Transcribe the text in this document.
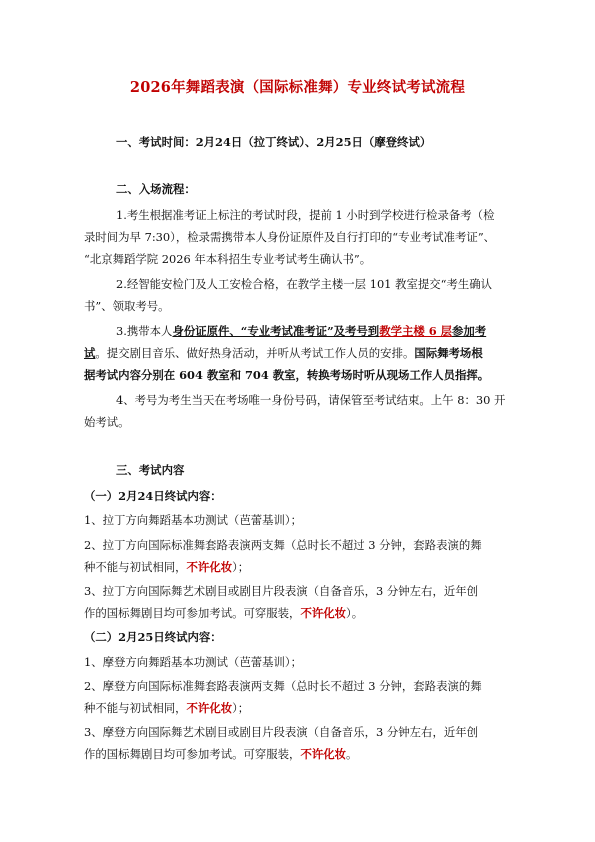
2026年舞蹈表演（国际标准舞）专业终试考试流程

一、考试时间：2月24日（拉丁终试）、2月25日（摩登终试）

二、入场流程：

1.考生根据准考证上标注的考试时段，提前 1 小时到学校进行检录备考（检

录时间为早 7:30），检录需携带本人身份证原件及自行打印的“专业考试准考证”、

“北京舞蹈学院 2026 年本科招生专业考试考生确认书”。

2.经智能安检门及人工安检合格，在教学主楼一层 101 教室提交“考生确认

书”、领取考号。

3.携带本人身份证原件、“专业考试准考证”及考号到教学主楼 6 层参加考

试。提交剧目音乐、做好热身活动，并听从考试工作人员的安排。国际舞考场根

据考试内容分别在 604 教室和 704 教室，转换考场时听从现场工作人员指挥。

4、考号为考生当天在考场唯一身份号码，请保管至考试结束。上午 8：30 开

始考试。

三、考试内容

（一）2月24日终试内容：

1、拉丁方向舞蹈基本功测试（芭蕾基训）；

2、拉丁方向国际标准舞套路表演两支舞（总时长不超过 3 分钟，套路表演的舞

种不能与初试相同，不许化妆）；

3、拉丁方向国际舞艺术剧目或剧目片段表演（自备音乐，3 分钟左右，近年创

作的国标舞剧目均可参加考试。可穿服装，不许化妆）。

（二）2月25日终试内容：

1、摩登方向舞蹈基本功测试（芭蕾基训）；

2、摩登方向国际标准舞套路表演两支舞（总时长不超过 3 分钟，套路表演的舞

种不能与初试相同，不许化妆）；

3、摩登方向国际舞艺术剧目或剧目片段表演（自备音乐，3 分钟左右，近年创

作的国标舞剧目均可参加考试。可穿服装，不许化妆。
